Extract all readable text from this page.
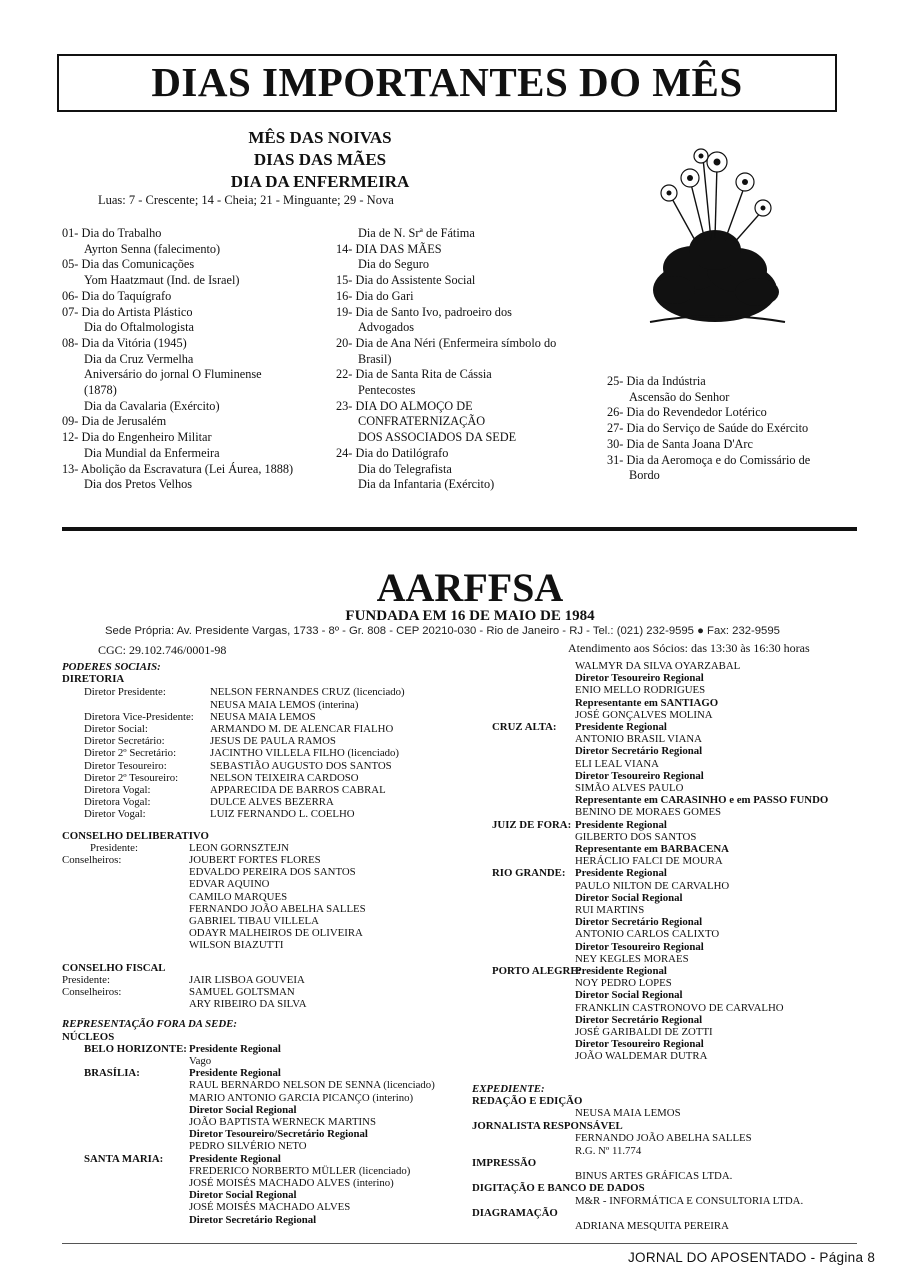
DIAS IMPORTANTES DO MÊS
MÊS DAS NOIVAS
DIAS DAS MÃES
DIA DA ENFERMEIRA
Luas: 7 - Crescente; 14 - Cheia; 21 - Minguante; 29 - Nova
01- Dia do Trabalho
Ayrton Senna (falecimento)
05- Dia das Comunicações
Yom Haatzmaut (Ind. de Israel)
06- Dia do Taquígrafo
07- Dia do Artista Plástico
Dia do Oftalmologista
08- Dia da Vitória (1945)
Dia da Cruz Vermelha
Aniversário do jornal O Fluminense
(1878)
Dia da Cavalaria (Exército)
09- Dia de Jerusalém
12- Dia do Engenheiro Militar
Dia Mundial da Enfermeira
13- Abolição da Escravatura (Lei Áurea, 1888)
Dia dos Pretos Velhos
Dia de N. Srª de Fátima
14- DIA DAS MÃES
Dia do Seguro
15- Dia do Assistente Social
16- Dia do Gari
19- Dia de Santo Ivo, padroeiro dos
Advogados
20- Dia de Ana Néri (Enfermeira símbolo do
Brasil)
22- Dia de Santa Rita de Cássia
Pentecostes
23- DIA DO ALMOÇO DE
CONFRATERNIZAÇÃO
DOS ASSOCIADOS DA SEDE
24- Dia do Datilógrafo
Dia do Telegrafista
Dia da Infantaria (Exército)
25- Dia da Indústria
Ascensão do Senhor
26- Dia do Revendedor Lotérico
27- Dia do Serviço de Saúde do Exército
30- Dia de Santa Joana D'Arc
31- Dia da Aeromoça e do Comissário de
Bordo
AARFFSA
FUNDADA EM 16 DE MAIO DE 1984
Sede Própria: Av. Presidente Vargas, 1733 - 8º - Gr. 808 - CEP 20210-030 - Rio de Janeiro - RJ - Tel.: (021) 232-9595 ● Fax: 232-9595
CGC: 29.102.746/0001-98	Atendimento aos Sócios: das 13:30 às 16:30 horas
PODERES SOCIAIS:
DIRETORIA
Diretor Presidente:	NELSON FERNANDES CRUZ (licenciado)
NEUSA MAIA LEMOS (interina)
Diretora Vice-Presidente: NEUSA MAIA LEMOS
Diretor Social:	ARMANDO M. DE ALENCAR FIALHO
Diretor Secretário:	JESUS DE PAULA RAMOS
Diretor 2º Secretário:	JACINTHO VILLELA FILHO (licenciado)
Diretor Tesoureiro:	SEBASTIÃO AUGUSTO DOS SANTOS
Diretor 2º Tesoureiro:	NELSON TEIXEIRA CARDOSO
Diretora Vogal:	APPARECIDA DE BARROS CABRAL
Diretora Vogal:	DULCE ALVES BEZERRA
Diretor Vogal:	LUIZ FERNANDO L. COELHO
CONSELHO DELIBERATIVO
Presidente:	LEON GORNSZTEJN
Conselheiros:	JOUBERT FORTES FLORES
EDVALDO PEREIRA DOS SANTOS
EDVAR AQUINO
CAMILO MARQUES
FERNANDO JOÃO ABELHA SALLES
GABRIEL TIBAU VILLELA
ODAYR MALHEIROS DE OLIVEIRA
WILSON BIAZUTTI
CONSELHO FISCAL
Presidente:	JAIR LISBOA GOUVEIA
Conselheiros:	SAMUEL GOLTSMAN
ARY RIBEIRO DA SILVA
REPRESENTAÇÃO FORA DA SEDE:
NÚCLEOS
BELO HORIZONTE: Presidente Regional
Vago
BRASÍLIA:	Presidente Regional
RAUL BERNARDO NELSON DE SENNA (licenciado)
MARIO ANTONIO GARCIA PICANÇO (interino)
Diretor Social Regional
JOÃO BAPTISTA WERNECK MARTINS
Diretor Tesoureiro/Secretário Regional
PEDRO SILVÉRIO NETO
SANTA MARIA: Presidente Regional
FREDERICO NORBERTO MÜLLER (licenciado)
JOSÉ MOISÉS MACHADO ALVES (interino)
Diretor Social Regional
JOSÉ MOISÉS MACHADO ALVES
Diretor Secretário Regional
WALMYR DA SILVA OYARZABAL
Diretor Tesoureiro Regional
ENIO MELLO RODRIGUES
Representante em SANTIAGO
JOSÉ GONÇALVES MOLINA
CRUZ ALTA: Presidente Regional
ANTONIO BRASIL VIANA
Diretor Secretário Regional
ELI LEAL VIANA
Diretor Tesoureiro Regional
SIMÃO ALVES PAULO
Representante em CARASINHO e em PASSO FUNDO
BENINO DE MORAES GOMES
JUIZ DE FORA: Presidente Regional
GILBERTO DOS SANTOS
Representante em BARBACENA
HERÁCLIO FALCI DE MOURA
RIO GRANDE: Presidente Regional
PAULO NILTON DE CARVALHO
Diretor Social Regional
RUI MARTINS
Diretor Secretário Regional
ANTONIO CARLOS CALIXTO
Diretor Tesoureiro Regional
NEY KEGLES MORAES
PORTO ALEGRE:
Presidente Regional
NOY PEDRO LOPES
Diretor Social Regional
FRANKLIN CASTRONOVO DE CARVALHO
Diretor Secretário Regional
JOSÉ GARIBALDI DE ZOTTI
Diretor Tesoureiro Regional
JOÃO WALDEMAR DUTRA
EXPEDIENTE:
REDAÇÃO E EDIÇÃO
NEUSA MAIA LEMOS
JORNALISTA RESPONSÁVEL
FERNANDO JOÃO ABELHA SALLES
R.G. Nº 11.774
IMPRESSÃO
BINUS ARTES GRÁFICAS LTDA.
DIGITAÇÃO E BANCO DE DADOS
M&R - INFORMÁTICA E CONSULTORIA LTDA.
DIAGRAMAÇÃO
ADRIANA MESQUITA PEREIRA
JORNAL DO APOSENTADO - Página 8
